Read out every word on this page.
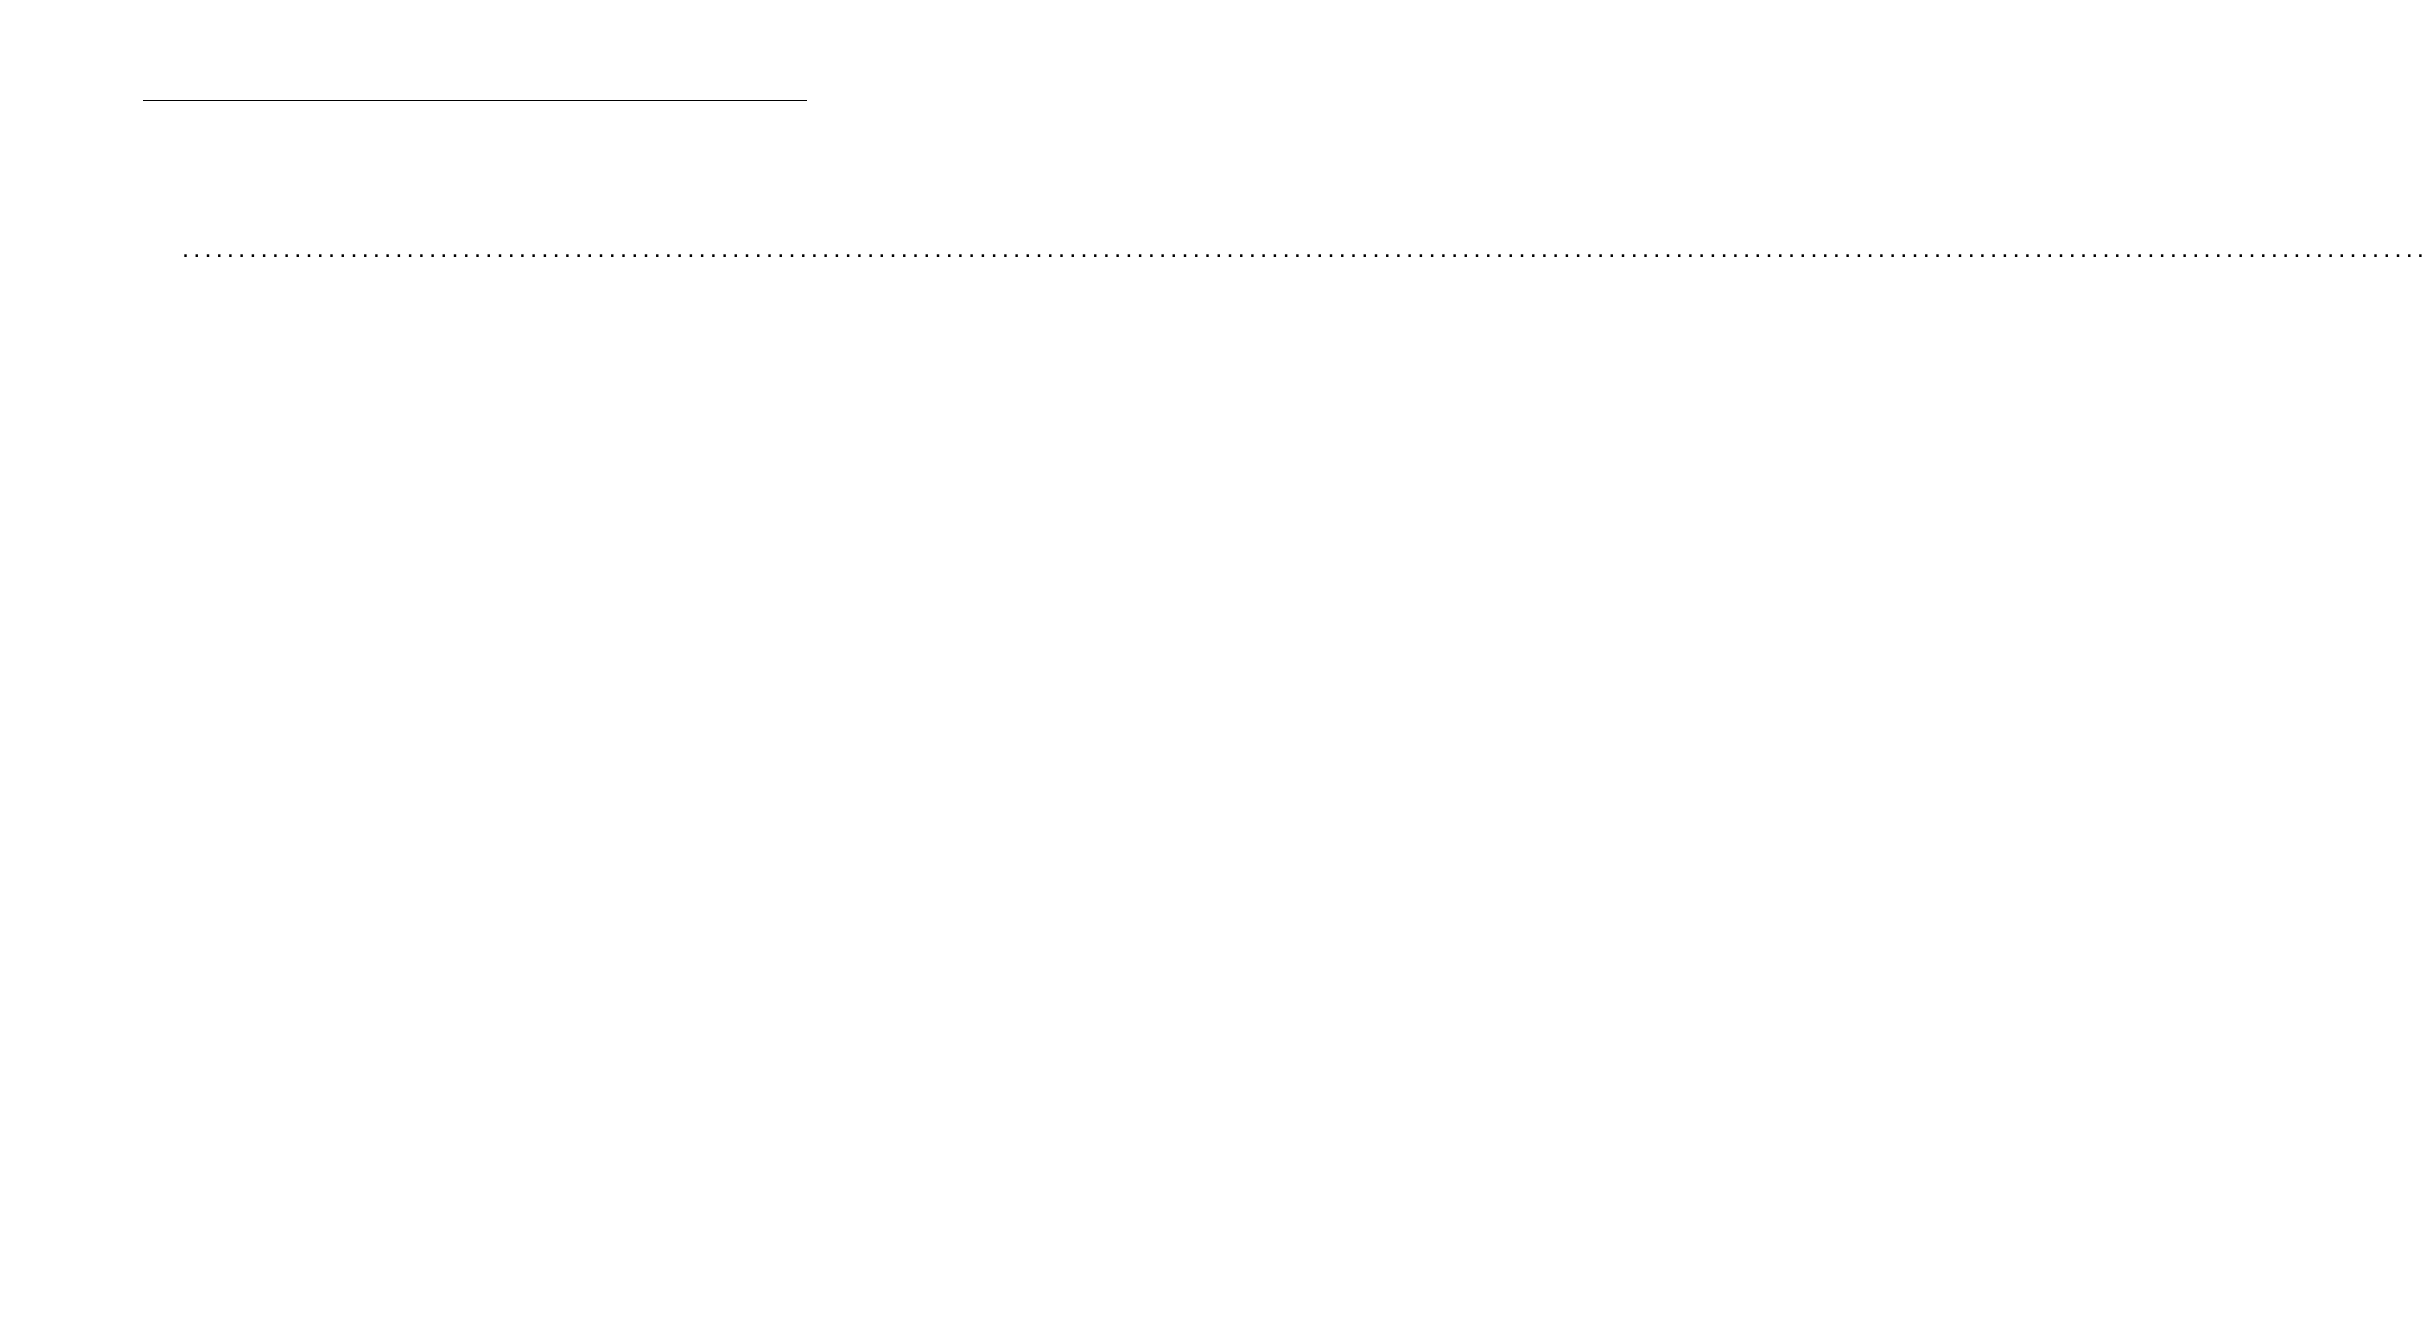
........................................................................................................................................................................................................
